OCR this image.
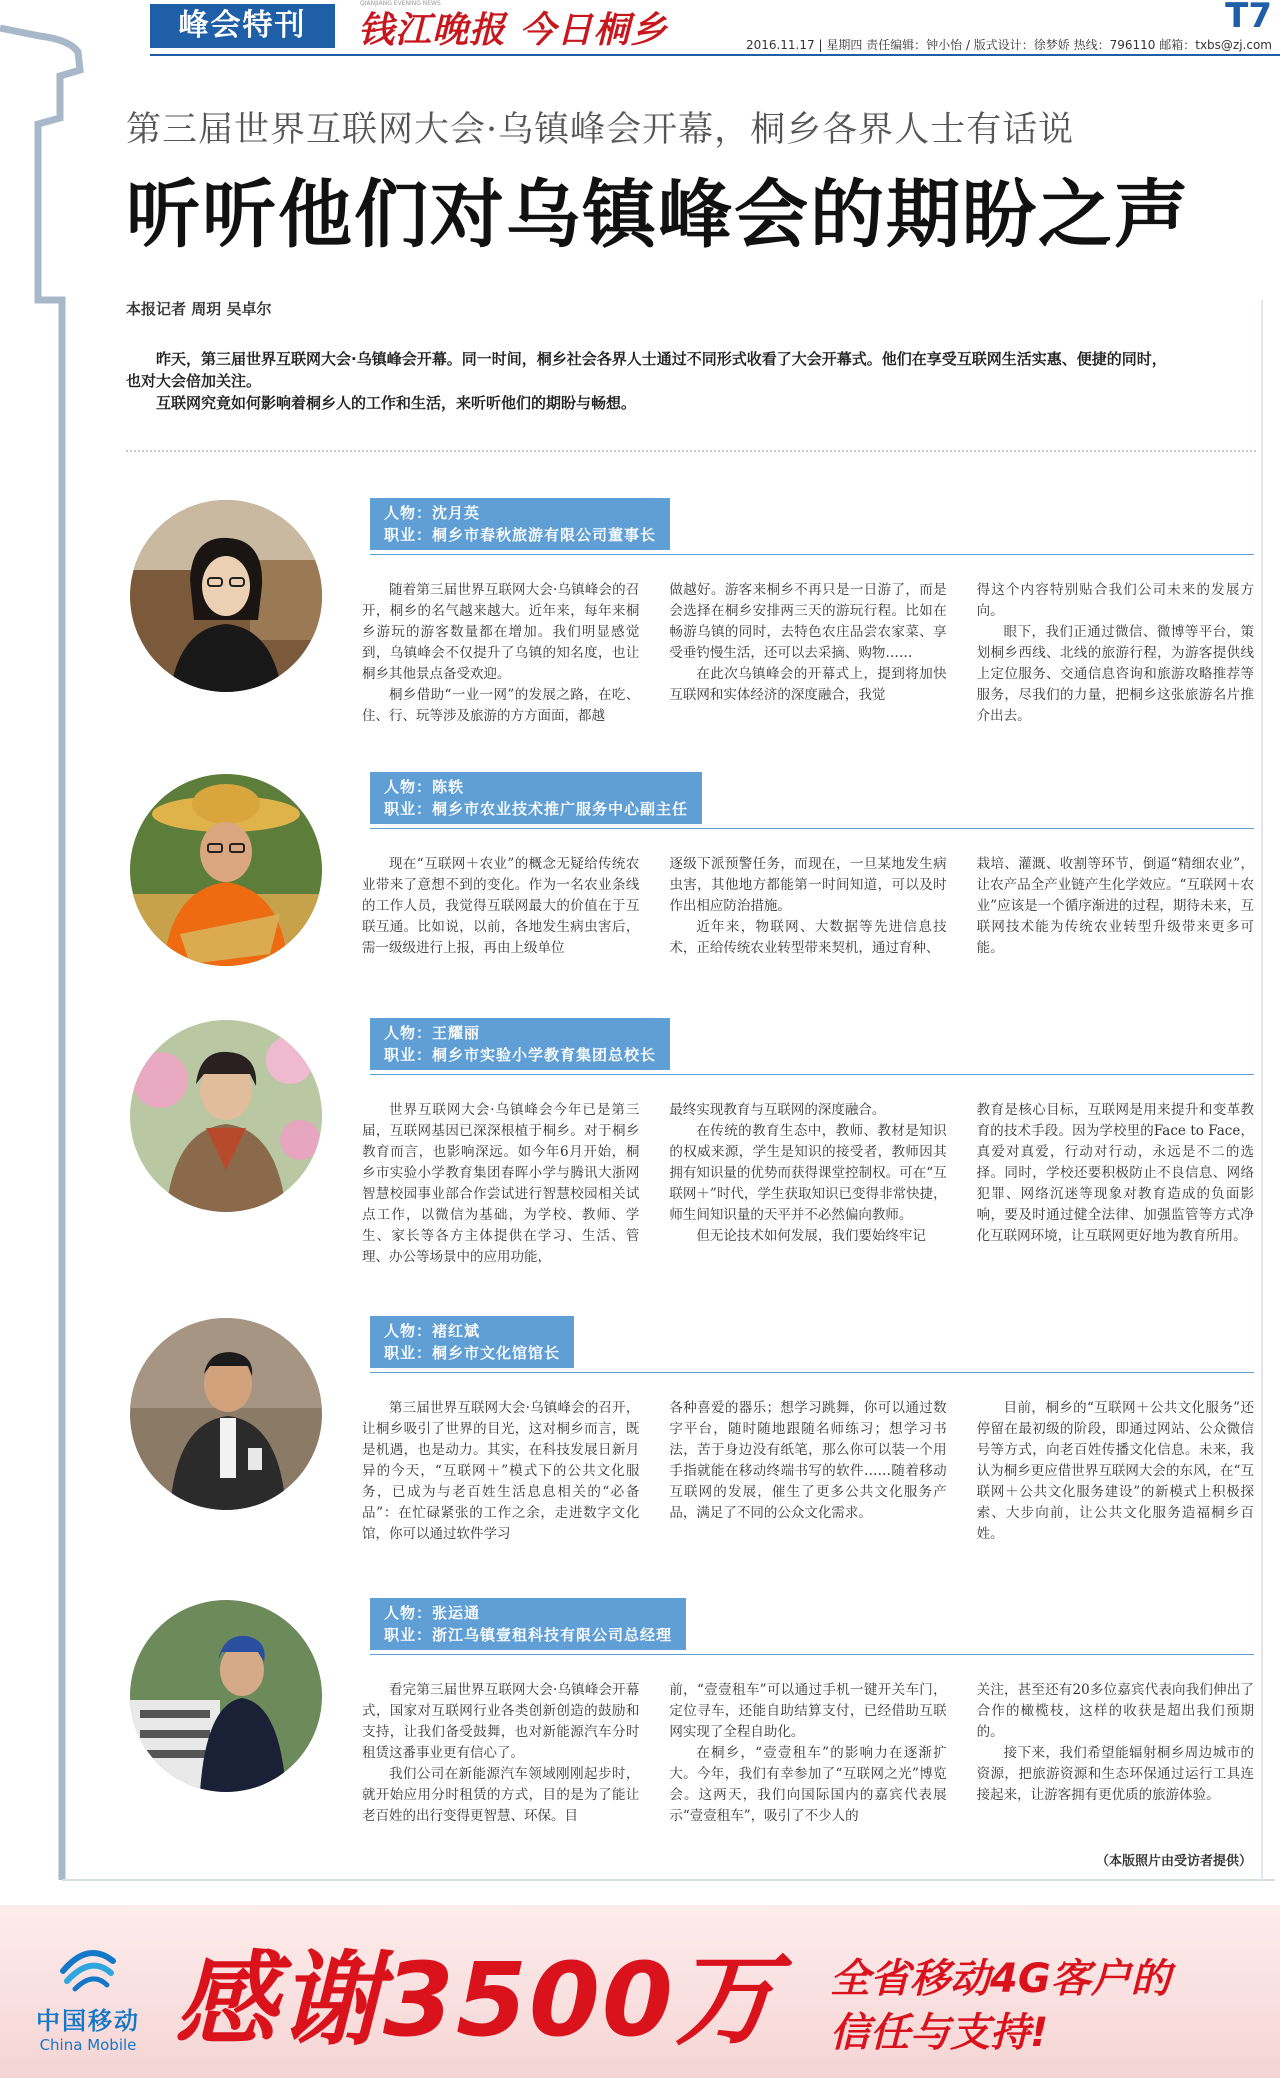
峰会特刊
QIANJIANG EVENING NEWS
钱江晚报 今日桐乡	T7
2016.11.17 | 星期四 责任编辑：钟小怡 / 版式设计：徐梦娇 热线：796110 邮箱：txbs@zj.com
第三届世界互联网大会·乌镇峰会开幕，桐乡各界人士有话说
听听他们对乌镇峰会的期盼之声
本报记者 周玥 吴卓尔

昨天，第三届世界互联网大会·乌镇峰会开幕。同一时间，桐乡社会各界人士通过不同形式收看了大会开幕式。他们在享受互联网生活实惠、便捷的同时，

也对大会倍加关注。

互联网究竟如何影响着桐乡人的工作和生活，来听听他们的期盼与畅想。

人物：沈月英
职业：桐乡市春秋旅游有限公司董事长

随着第三届世界互联网大会·乌镇峰会的召开，桐乡的名气越来越大。近年来，每年来桐乡游玩的游客数量都在增加。我们明显感觉到，乌镇峰会不仅提升了乌镇的知名度，也让桐乡其他景点备受欢迎。

桐乡借助“一业一网”的发展之路，在吃、住、行、玩等涉及旅游的方方面面，都越

做越好。游客来桐乡不再只是一日游了，而是会选择在桐乡安排两三天的游玩行程。比如在畅游乌镇的同时，去特色农庄品尝农家菜、享受垂钓慢生活，还可以去采摘、购物……

在此次乌镇峰会的开幕式上，提到将加快互联网和实体经济的深度融合，我觉

得这个内容特别贴合我们公司未来的发展方向。

眼下，我们正通过微信、微博等平台，策划桐乡西线、北线的旅游行程，为游客提供线上定位服务、交通信息咨询和旅游攻略推荐等服务，尽我们的力量，把桐乡这张旅游名片推介出去。

人物：陈轶
职业：桐乡市农业技术推广服务中心副主任

现在“互联网＋农业”的概念无疑给传统农业带来了意想不到的变化。作为一名农业条线的工作人员，我觉得互联网最大的价值在于互联互通。比如说，以前，各地发生病虫害后，需一级级进行上报，再由上级单位

逐级下派预警任务，而现在，一旦某地发生病虫害，其他地方都能第一时间知道，可以及时作出相应防治措施。

近年来，物联网、大数据等先进信息技术，正给传统农业转型带来契机，通过育种、

栽培、灌溉、收割等环节，倒逼“精细农业”，让农产品全产业链产生化学效应。“互联网＋农业”应该是一个循序渐进的过程，期待未来，互联网技术能为传统农业转型升级带来更多可能。

人物：王耀丽
职业：桐乡市实验小学教育集团总校长

世界互联网大会·乌镇峰会今年已是第三届，互联网基因已深深根植于桐乡。对于桐乡教育而言，也影响深远。如今年6月开始，桐乡市实验小学教育集团春晖小学与腾讯大浙网智慧校园事业部合作尝试进行智慧校园相关试点工作，以微信为基础，为学校、教师、学生、家长等各方主体提供在学习、生活、管理、办公等场景中的应用功能，

最终实现教育与互联网的深度融合。

在传统的教育生态中，教师、教材是知识的权威来源，学生是知识的接受者，教师因其拥有知识量的优势而获得课堂控制权。可在“互联网＋”时代，学生获取知识已变得非常快捷，师生间知识量的天平并不必然偏向教师。

但无论技术如何发展，我们要始终牢记

教育是核心目标，互联网是用来提升和变革教育的技术手段。因为学校里的Face to Face，真爱对真爱，行动对行动，永远是不二的选择。同时，学校还要积极防止不良信息、网络犯罪、网络沉迷等现象对教育造成的负面影响，要及时通过健全法律、加强监管等方式净化互联网环境，让互联网更好地为教育所用。

人物：褚红斌
职业：桐乡市文化馆馆长

第三届世界互联网大会·乌镇峰会的召开，让桐乡吸引了世界的目光，这对桐乡而言，既是机遇，也是动力。其实，在科技发展日新月异的今天，“互联网＋”模式下的公共文化服务，已成为与老百姓生活息息相关的“必备品”：在忙碌紧张的工作之余，走进数字文化馆，你可以通过软件学习

各种喜爱的器乐；想学习跳舞，你可以通过数字平台，随时随地跟随名师练习；想学习书法，苦于身边没有纸笔，那么你可以装一个用手指就能在移动终端书写的软件……随着移动互联网的发展，催生了更多公共文化服务产品，满足了不同的公众文化需求。

目前，桐乡的“互联网＋公共文化服务”还停留在最初级的阶段，即通过网站、公众微信号等方式，向老百姓传播文化信息。未来，我认为桐乡更应借世界互联网大会的东风，在“互联网＋公共文化服务建设”的新模式上积极探索、大步向前，让公共文化服务造福桐乡百姓。

人物：张运通
职业：浙江乌镇壹租科技有限公司总经理

看完第三届世界互联网大会·乌镇峰会开幕式，国家对互联网行业各类创新创造的鼓励和支持，让我们备受鼓舞，也对新能源汽车分时租赁这番事业更有信心了。

我们公司在新能源汽车领域刚刚起步时，就开始应用分时租赁的方式，目的是为了能让老百姓的出行变得更智慧、环保。目

前，“壹壹租车”可以通过手机一键开关车门，定位寻车，还能自助结算支付，已经借助互联网实现了全程自助化。

在桐乡，“壹壹租车”的影响力在逐渐扩大。今年，我们有幸参加了“互联网之光”博览会。这两天，我们向国际国内的嘉宾代表展示“壹壹租车”，吸引了不少人的

关注，甚至还有20多位嘉宾代表向我们伸出了合作的橄榄枝，这样的收获是超出我们预期的。

接下来，我们希望能辐射桐乡周边城市的资源，把旅游资源和生态环保通过运行工具连接起来，让游客拥有更优质的旅游体验。

（本版照片由受访者提供）
中国移动
China Mobile 感谢3500万 全省移动4G客户的
信任与支持!
